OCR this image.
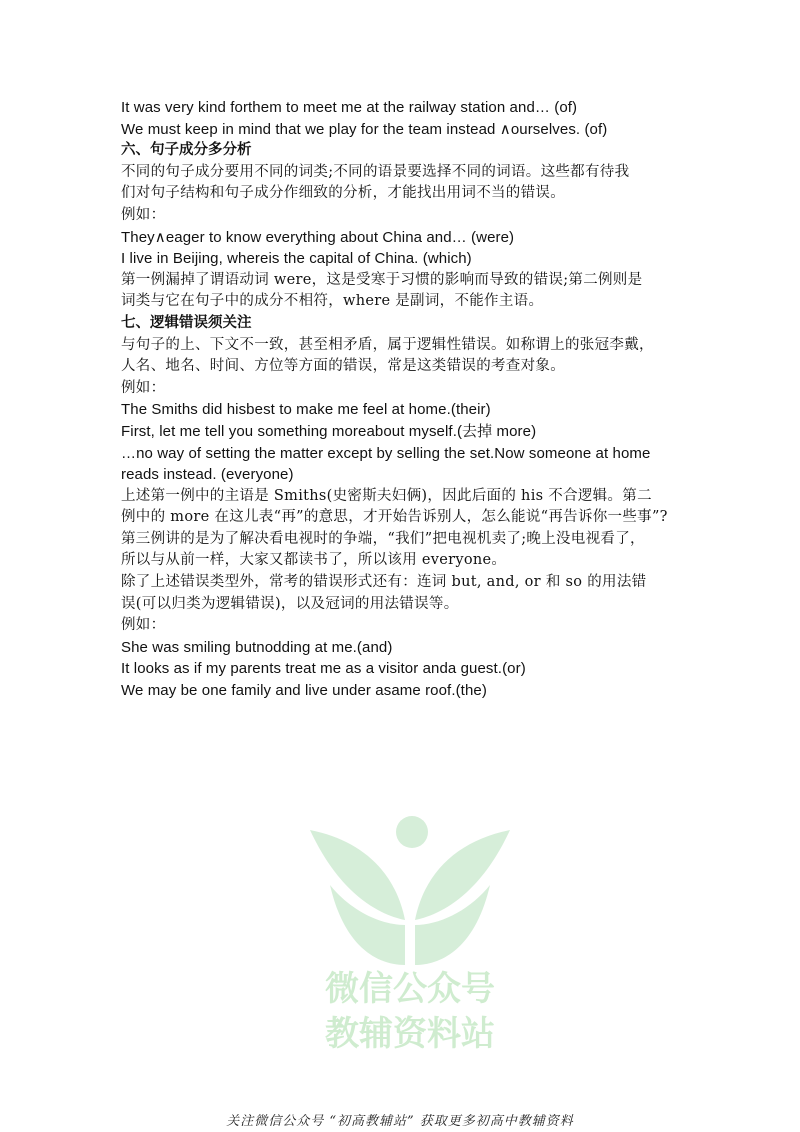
It was very kind forthem to meet me at the railway station and… (of)
We must keep in mind that we play for the team instead ∧ourselves. (of)
六、句子成分多分析
不同的句子成分要用不同的词类;不同的语景要选择不同的词语。这些都有待我
们对句子结构和句子成分作细致的分析，才能找出用词不当的错误。
例如：
They∧eager to know everything about China and… (were)
I live in Beijing, whereis the capital of China. (which)
第一例漏掉了谓语动词 were，这是受寒于习惯的影响而导致的错误;第二例则是
词类与它在句子中的成分不相符，where 是副词，不能作主语。
七、逻辑错误须关注
与句子的上、下文不一致，甚至相矛盾，属于逻辑性错误。如称谓上的张冠李戴，
人名、地名、时间、方位等方面的错误，常是这类错误的考查对象。
例如：
The Smiths did hisbest to make me feel at home.(their)
First, let me tell you something moreabout myself.(去掉 more)
…no way of setting the matter except by selling the set.Now someone at home
reads instead. (everyone)
上述第一例中的主语是 Smiths(史密斯夫妇俩)，因此后面的 his 不合逻辑。第二
例中的 more 在这儿表“再”的意思，才开始告诉别人，怎么能说“再告诉你一些事”?
第三例讲的是为了解决看电视时的争端，“我们”把电视机卖了;晚上没电视看了，
所以与从前一样，大家又都读书了，所以该用 everyone。
除了上述错误类型外，常考的错误形式还有：连词 but, and, or 和 so 的用法错
误(可以归类为逻辑错误)，以及冠词的用法错误等。
例如：
She was smiling butnodding at me.(and)
It looks as if my parents treat me as a visitor anda guest.(or)
We may be one family and live under asame roof.(the)
微信公众号
教辅资料站
关注微信公众号 “初高教辅站” 获取更多初高中教辅资料
